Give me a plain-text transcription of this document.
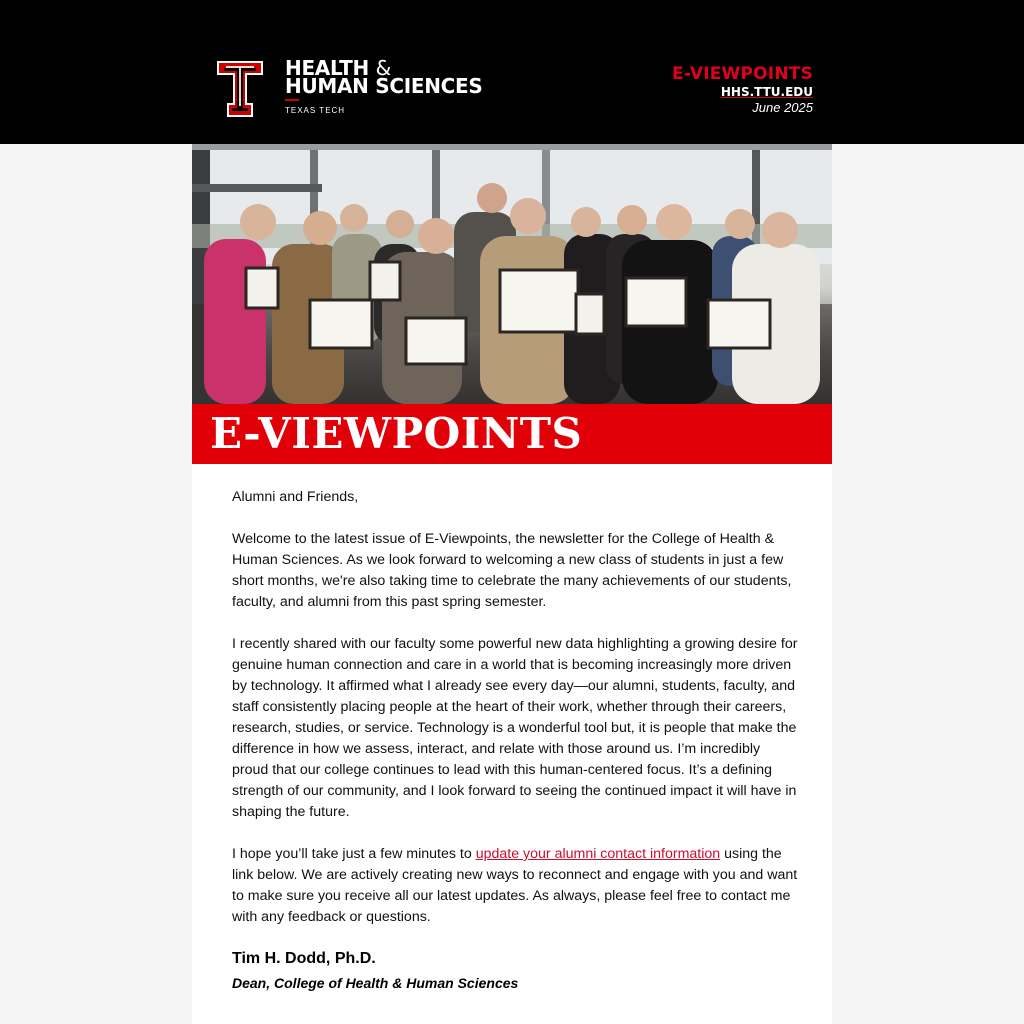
HEALTH &
HUMAN SCIENCES
TEXAS TECH
E-VIEWPOINTS
HHS.TTU.EDU
June 2025
E-VIEWPOINTS

Alumni and Friends,

Welcome to the latest issue of E-Viewpoints, the newsletter for the College of Health & Human Sciences. As we look forward to welcoming a new class of students in just a few short months, we're also taking time to celebrate the many achievements of our students, faculty, and alumni from this past spring semester.

I recently shared with our faculty some powerful new data highlighting a growing desire for genuine human connection and care in a world that is becoming increasingly more driven by technology. It affirmed what I already see every day—our alumni, students, faculty, and staff consistently placing people at the heart of their work, whether through their careers, research, studies, or service. Technology is a wonderful tool but, it is people that make the difference in how we assess, interact, and relate with those around us. I’m incredibly proud that our college continues to lead with this human-centered focus. It’s a defining strength of our community, and I look forward to seeing the continued impact it will have in shaping the future.

I hope you’ll take just a few minutes to update your alumni contact information using the link below. We are actively creating new ways to reconnect and engage with you and want to make sure you receive all our latest updates. As always, please feel free to contact me with any feedback or questions.

Tim H. Dodd, Ph.D.
Dean, College of Health & Human Sciences
